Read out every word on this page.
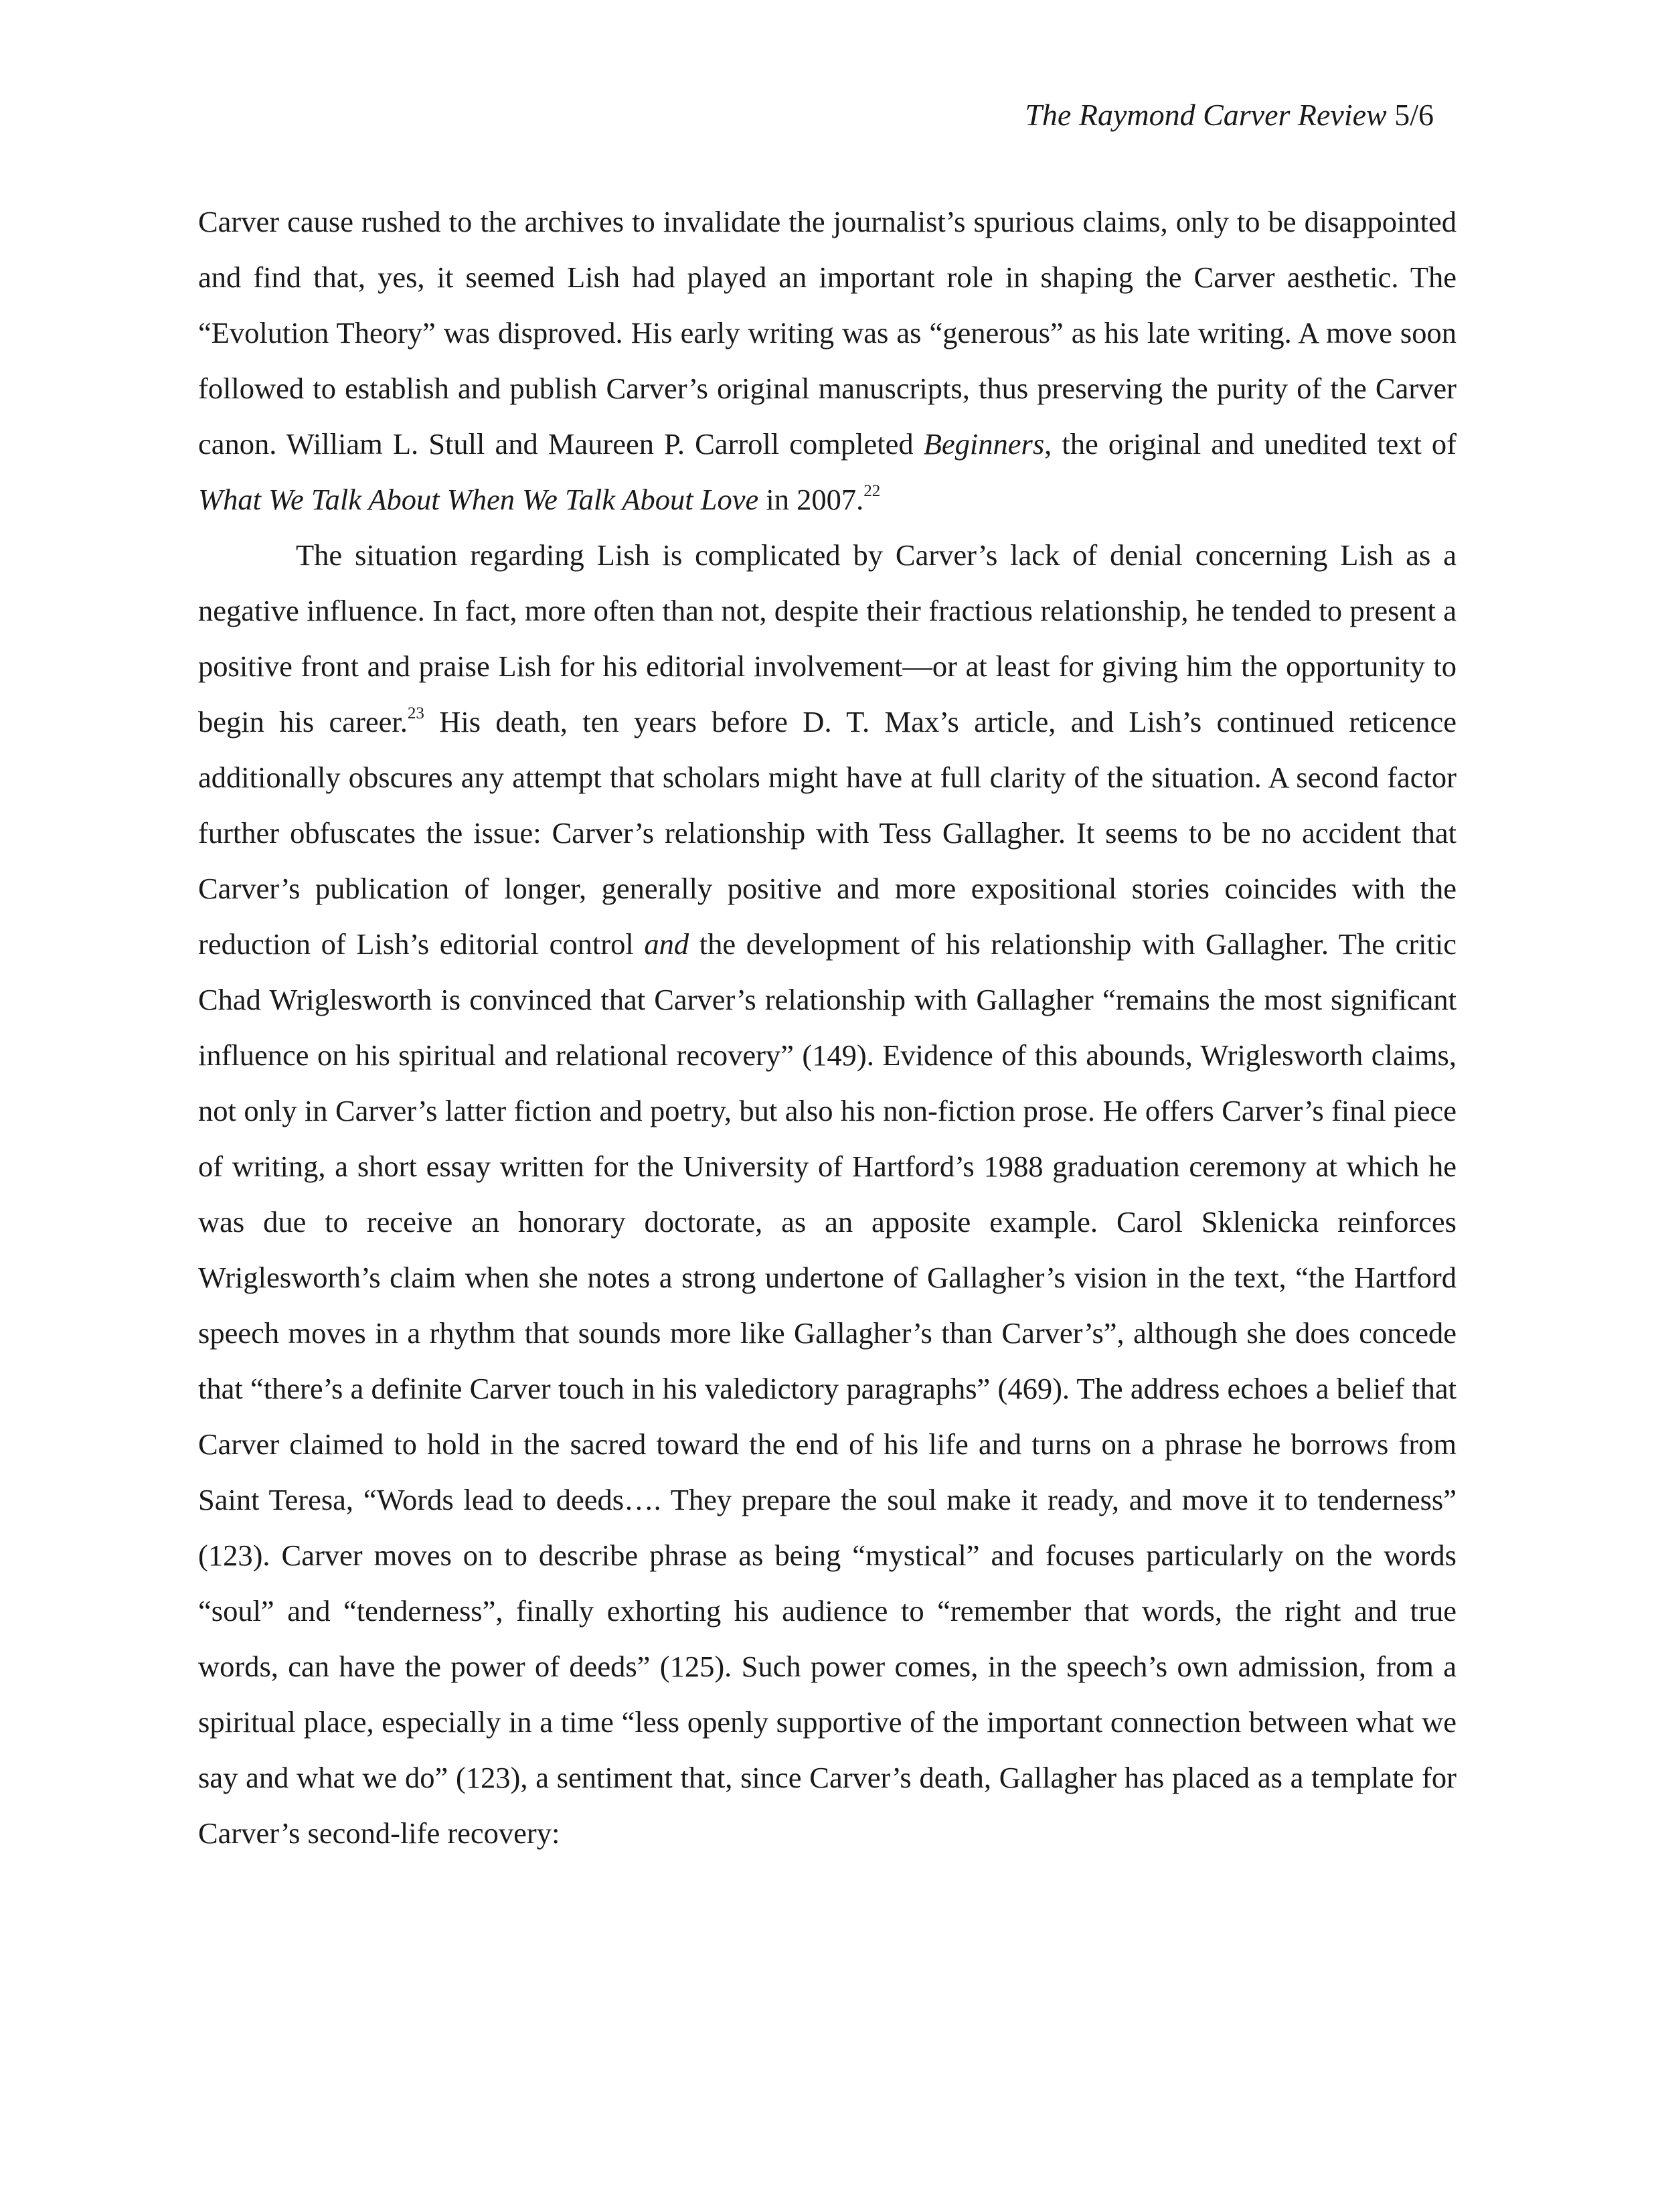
The Raymond Carver Review 5/6

Carver cause rushed to the archives to invalidate the journalist’s spurious claims, only to be disappointed and find that, yes, it seemed Lish had played an important role in shaping the Carver aesthetic. The “Evolution Theory” was disproved. His early writing was as “generous” as his late writing. A move soon followed to establish and publish Carver’s original manuscripts, thus preserving the purity of the Carver canon. William L. Stull and Maureen P. Carroll completed Beginners, the original and unedited text of What We Talk About When We Talk About Love in 2007.22

The situation regarding Lish is complicated by Carver’s lack of denial concerning Lish as a negative influence. In fact, more often than not, despite their fractious relationship, he tended to present a positive front and praise Lish for his editorial involvement—or at least for giving him the opportunity to begin his career.$^{23}$ His death, ten years before D. T. Max’s article, and Lish’s continued reticence additionally obscures any attempt that scholars might have at full clarity of the situation. A second factor further obfuscates the issue: Carver’s relationship with Tess Gallagher. It seems to be no accident that Carver’s publication of longer, generally positive and more expositional stories coincides with the reduction of Lish’s editorial control and the development of his relationship with Gallagher. The critic Chad Wriglesworth is convinced that Carver’s relationship with Gallagher “remains the most significant influence on his spiritual and relational recovery” (149). Evidence of this abounds, Wriglesworth claims, not only in Carver’s latter fiction and poetry, but also his non-fiction prose. He offers Carver’s final piece of writing, a short essay written for the University of Hartford’s 1988 graduation ceremony at which he was due to receive an honorary doctorate, as an apposite example. Carol Sklenicka reinforces Wriglesworth’s claim when she notes a strong undertone of Gallagher’s vision in the text, “the Hartford speech moves in a rhythm that sounds more like Gallagher’s than Carver’s”, although she does concede that “there’s a definite Carver touch in his valedictory paragraphs” (469). The address echoes a belief that Carver claimed to hold in the sacred toward the end of his life and turns on a phrase he borrows from Saint Teresa, “Words lead to deeds…. They prepare the soul make it ready, and move it to tenderness” (123). Carver moves on to describe phrase as being “mystical” and focuses particularly on the words “soul” and “tenderness”, finally exhorting his audience to “remember that words, the right and true words, can have the power of deeds” (125). Such power comes, in the speech’s own admission, from a spiritual place, especially in a time “less openly supportive of the important connection between what we say and what we do” (123), a sentiment that, since Carver’s death, Gallagher has placed as a template for Carver’s second-life recovery:
